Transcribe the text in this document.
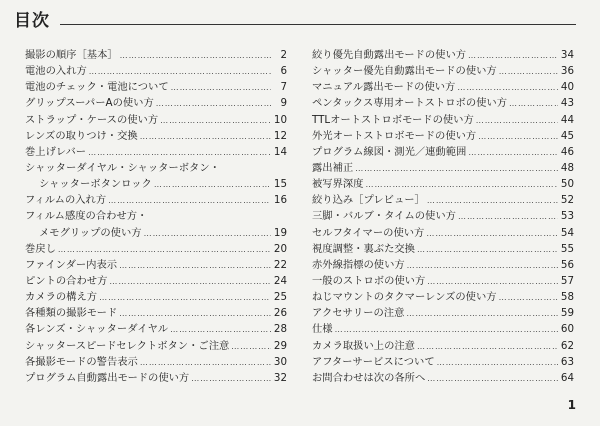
目次
撮影の順序［基本］ ……………………………………………………………………………………………………………………………………………………	2
電池の入れ方 ……………………………………………………………………………………………………………………………………………………	6
電池のチェック・電池について ……………………………………………………………………………………………………………………………………………………	7
グリップスーパーAの使い方 ……………………………………………………………………………………………………………………………………………………	9
ストラップ・ケースの使い方 ……………………………………………………………………………………………………………………………………………………	10
レンズの取りつけ・交換 ……………………………………………………………………………………………………………………………………………………	12
巻上げレバー ……………………………………………………………………………………………………………………………………………………	14
シャッターダイヤル・シャッターボタン・
シャッターボタンロック ……………………………………………………………………………………………………………………………………………………	15
フィルムの入れ方 ……………………………………………………………………………………………………………………………………………………	16
フィルム感度の合わせ方・
メモグリップの使い方 ……………………………………………………………………………………………………………………………………………………	19
巻戻し ……………………………………………………………………………………………………………………………………………………	20
ファインダー内表示 ……………………………………………………………………………………………………………………………………………………	22
ピントの合わせ方 ……………………………………………………………………………………………………………………………………………………	24
カメラの構え方 ……………………………………………………………………………………………………………………………………………………	25
各種類の撮影モード ……………………………………………………………………………………………………………………………………………………	26
各レンズ・シャッターダイヤル ……………………………………………………………………………………………………………………………………………………	28
シャッタースピードセレクトボタン・ご注意 ……………………………………………………………………………………………………………………………………………………	29
各撮影モードの警告表示 ……………………………………………………………………………………………………………………………………………………	30
プログラム自動露出モードの使い方 ……………………………………………………………………………………………………………………………………………………	32
絞り優先自動露出モードの使い方 ……………………………………………………………………………………………………………………………………………………	34
シャッター優先自動露出モードの使い方 ……………………………………………………………………………………………………………………………………………………	36
マニュアル露出モードの使い方 ……………………………………………………………………………………………………………………………………………………	40
ペンタックス専用オートストロボの使い方 ……………………………………………………………………………………………………………………………………………………	43
TTLオートストロボモードの使い方 ……………………………………………………………………………………………………………………………………………………	44
外光オートストロボモードの使い方 ……………………………………………………………………………………………………………………………………………………	45
プログラム線図・測光／連動範囲 ……………………………………………………………………………………………………………………………………………………	46
露出補正 ……………………………………………………………………………………………………………………………………………………	48
被写界深度 ……………………………………………………………………………………………………………………………………………………	50
絞り込み［プレビュー］ ……………………………………………………………………………………………………………………………………………………	52
三脚・バルブ・タイムの使い方 ……………………………………………………………………………………………………………………………………………………	53
セルフタイマーの使い方 ……………………………………………………………………………………………………………………………………………………	54
視度調整・裏ぶた交換 ……………………………………………………………………………………………………………………………………………………	55
赤外線指標の使い方 ……………………………………………………………………………………………………………………………………………………	56
一般のストロボの使い方 ……………………………………………………………………………………………………………………………………………………	57
ねじマウントのタクマーレンズの使い方 ……………………………………………………………………………………………………………………………………………………	58
アクセサリーの注意 ……………………………………………………………………………………………………………………………………………………	59
仕様 ……………………………………………………………………………………………………………………………………………………	60
カメラ取扱い上の注意 ……………………………………………………………………………………………………………………………………………………	62
アフターサービスについて ……………………………………………………………………………………………………………………………………………………	63
お問合わせは次の各所へ ……………………………………………………………………………………………………………………………………………………	64
1
